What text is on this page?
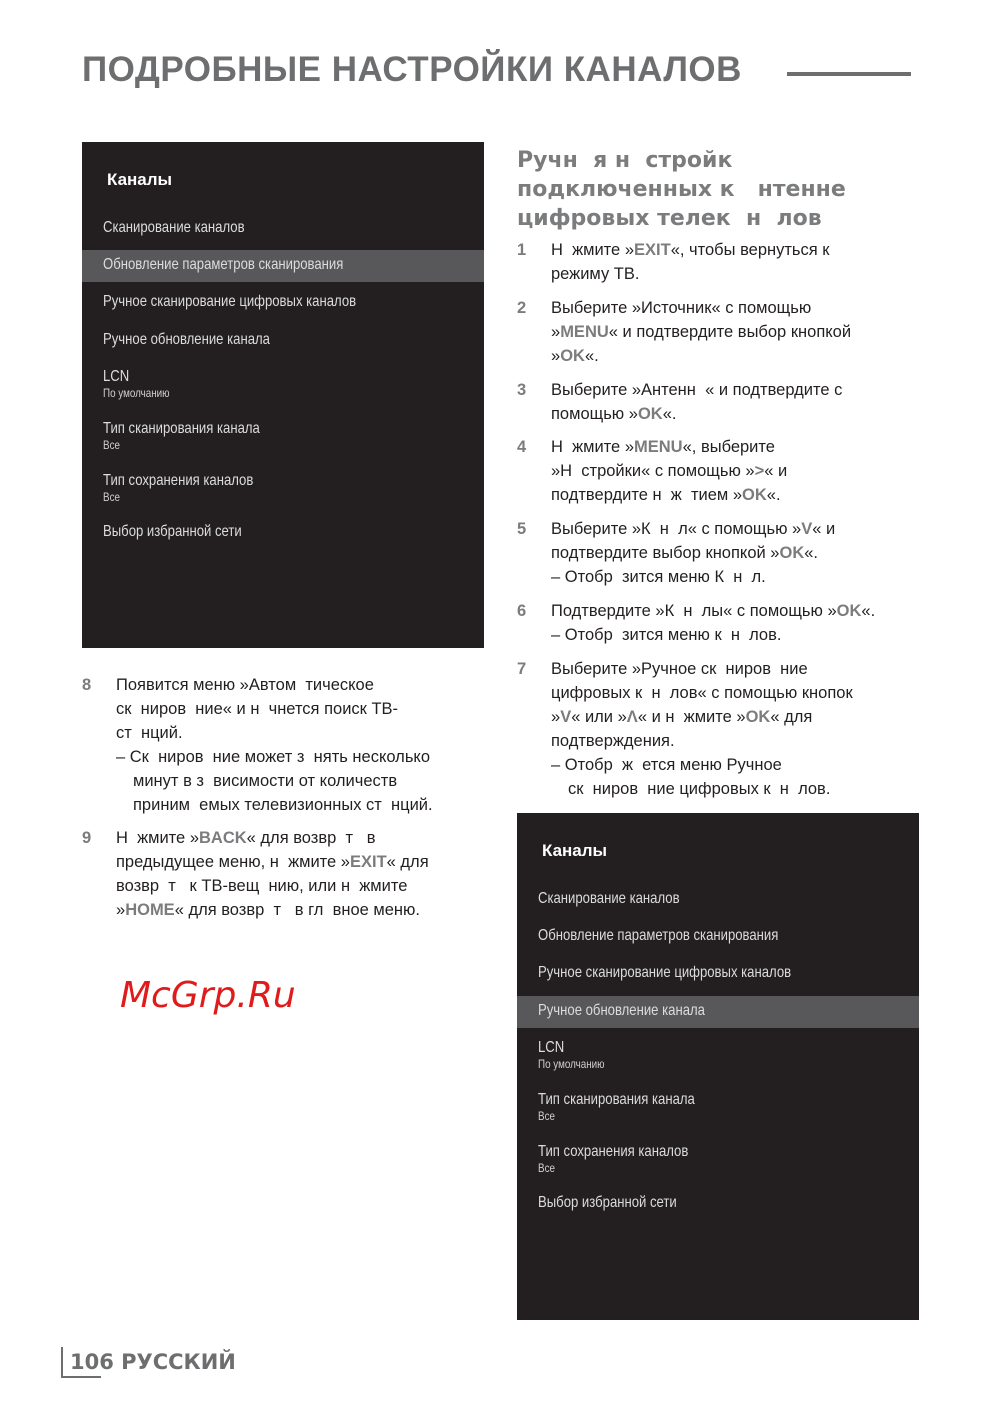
ПОДРОБНЫЕ НАСТРОЙКИ КАНАЛОВ
Каналы
Сканирование каналов
Обновление параметров сканирования
Ручное сканирование цифровых каналов
Ручное обновление канала
LCN
По умолчанию
Тип сканирования канала
Все
Тип сохранения каналов
Все
Выбор избранной сети
Каналы
Сканирование каналов
Обновление параметров сканирования
Ручное сканирование цифровых каналов
Ручное обновление канала
LCN
По умолчанию
Тип сканирования канала
Все
Тип сохранения каналов
Все
Выбор избранной сети
Ручн  я н  стройк
подключенных к   нтенне
цифровых телек  н  лов
1 Н  жмите »EXIT«, чтобы вернуться к
режиму ТВ.
2 Выберите »Источник« с помощью
»MENU« и подтвердите выбор кнопкой
»OK«.
3 Выберите »Антенн  « и подтвердите с
помощью »OK«.
4 Н  жмите »MENU«, выберите
»Н  стройки« с помощью »>« и
подтвердите н  ж  тием »OK«.
5 Выберите »К  н  л« с помощью »V« и
подтвердите выбор кнопкой »OK«.
– Отобр  зится меню К  н  л.
6 Подтвердите »К  н  лы« с помощью »OK«.
– Отобр  зится меню к  н  лов.
7 Выберите »Ручное ск  ниров  ние
цифровых к  н  лов« с помощью кнопок
»V« или »Λ« и н  жмите »OK« для
подтверждения.
– Отобр  ж  ется меню Ручное
ск  ниров  ние цифровых к  н  лов.
8 Появится меню »Автом  тическое
ск  ниров  ние« и н  чнется поиск ТВ-
ст  нций.
– Ск  ниров  ние может з  нять несколько
минут в з  висимости от количеств
приним  емых телевизионных ст  нций.
9 Н  жмите »BACK« для возвр  т   в
предыдущее меню, н  жмите »EXIT« для
возвр  т   к ТВ-вещ  нию, или н  жмите
»HOME« для возвр  т   в гл  вное меню.
McGrp.Ru
106 РУССКИЙ
